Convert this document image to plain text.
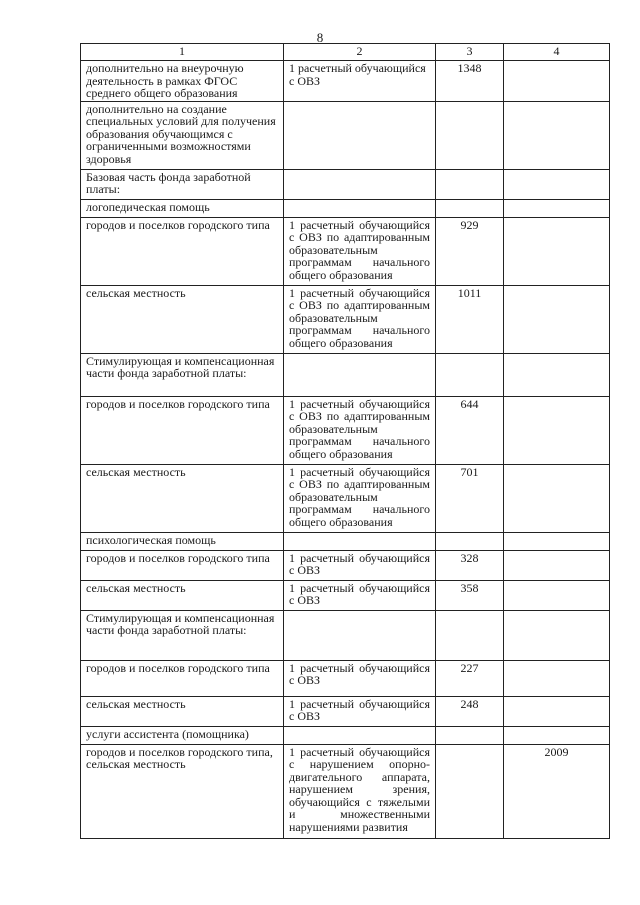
8
1	2	3	4
дополнительно на внеурочную деятельность в рамках ФГОС среднего общего образования	1 расчетный обучающийся с ОВЗ	1348	
дополнительно на создание специальных условий для получения образования обучающимся с ограниченными возможностями здоровья			
Базовая часть фонда заработной платы:			
логопедическая помощь			
городов и поселков городского типа	1 расчетный обучающийся с ОВЗ по адаптированным образовательным программам начального общего образования	929	
сельская местность	1 расчетный обучающийся с ОВЗ по адаптированным образовательным программам начального общего образования	1011	
Стимулирующая и компенсационная части фонда заработной платы:			
городов и поселков городского типа	1 расчетный обучающийся с ОВЗ по адаптированным образовательным программам начального общего образования	644	
сельская местность	1 расчетный обучающийся с ОВЗ по адаптированным образовательным программам начального общего образования	701	
психологическая помощь			
городов и поселков городского типа	1 расчетный обучающийся с ОВЗ	328	
сельская местность	1 расчетный обучающийся с ОВЗ	358	
Стимулирующая и компенсационная части фонда заработной платы:			
городов и поселков городского типа	1 расчетный обучающийся с ОВЗ	227	
сельская местность	1 расчетный обучающийся с ОВЗ	248	
услуги ассистента (помощника)			
городов и поселков городского типа, сельская местность	1 расчетный обучающийся с нарушением опорно-двигательного аппарата, нарушением зрения, обучающийся с тяжелыми и множественными нарушениями развития		2009
